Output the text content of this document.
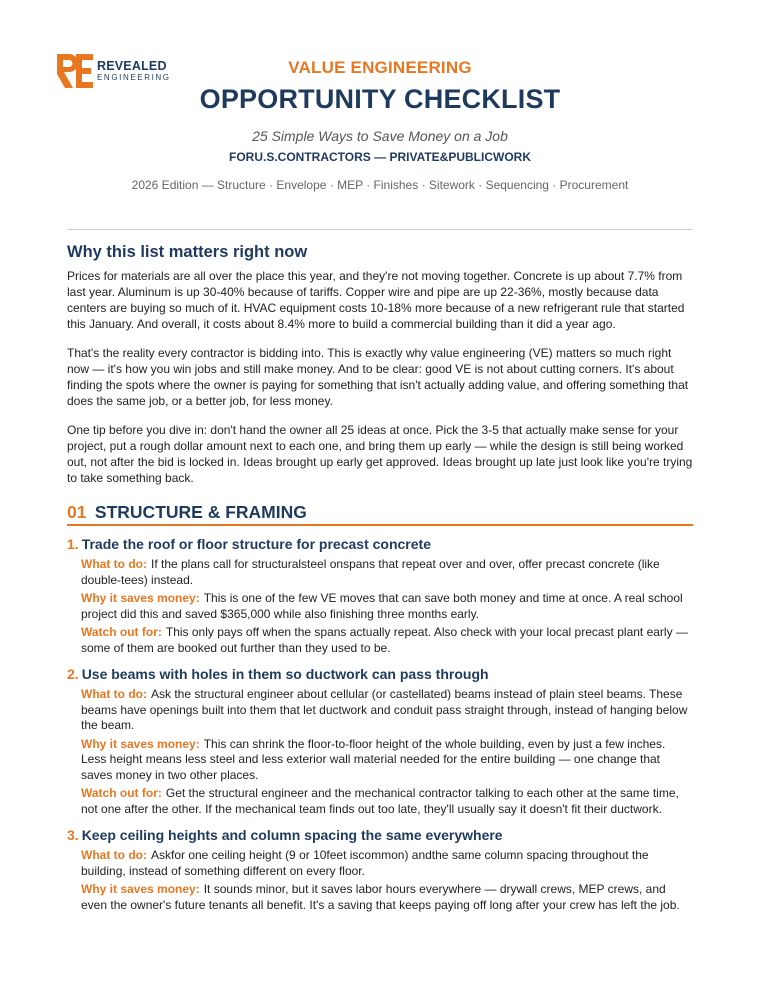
REVEALED
ENGINEERING
VALUE ENGINEERING
OPPORTUNITY CHECKLIST
25 Simple Ways to Save Money on a Job
FORU.S.CONTRACTORS — PRIVATE&PUBLICWORK
2026 Edition — Structure · Envelope · MEP · Finishes · Sitework · Sequencing · Procurement
Why this list matters right now

Prices for materials are all over the place this year, and they're not moving together. Concrete is up about 7.7% from last year. Aluminum is up 30-40% because of tariffs. Copper wire and pipe are up 22-36%, mostly because data centers are buying so much of it. HVAC equipment costs 10-18% more because of a new refrigerant rule that started this January. And overall, it costs about 8.4% more to build a commercial building than it did a year ago.

That's the reality every contractor is bidding into. This is exactly why value engineering (VE) matters so much right now — it's how you win jobs and still make money. And to be clear: good VE is not about cutting corners. It's about finding the spots where the owner is paying for something that isn't actually adding value, and offering something that does the same job, or a better job, for less money.

One tip before you dive in: don't hand the owner all 25 ideas at once. Pick the 3-5 that actually make sense for your project, put a rough dollar amount next to each one, and bring them up early — while the design is still being worked out, not after the bid is locked in. Ideas brought up early get approved. Ideas brought up late just look like you're trying to take something back.

01 STRUCTURE & FRAMING
1. Trade the roof or floor structure for precast concrete
What to do: If the plans call for structuralsteel onspans that repeat over and over, offer precast concrete (like double-tees) instead.
Why it saves money: This is one of the few VE moves that can save both money and time at once. A real school project did this and saved $365,000 while also finishing three months early.
Watch out for: This only pays off when the spans actually repeat. Also check with your local precast plant early — some of them are booked out further than they used to be.
2. Use beams with holes in them so ductwork can pass through
What to do: Ask the structural engineer about cellular (or castellated) beams instead of plain steel beams. These beams have openings built into them that let ductwork and conduit pass straight through, instead of hanging below the beam.
Why it saves money: This can shrink the floor-to-floor height of the whole building, even by just a few inches. Less height means less steel and less exterior wall material needed for the entire building — one change that saves money in two other places.
Watch out for: Get the structural engineer and the mechanical contractor talking to each other at the same time, not one after the other. If the mechanical team finds out too late, they'll usually say it doesn't fit their ductwork.
3. Keep ceiling heights and column spacing the same everywhere
What to do: Askfor one ceiling height (9 or 10feet iscommon) andthe same column spacing throughout the building, instead of something different on every floor.
Why it saves money: It sounds minor, but it saves labor hours everywhere — drywall crews, MEP crews, and even the owner's future tenants all benefit. It's a saving that keeps paying off long after your crew has left the job.
